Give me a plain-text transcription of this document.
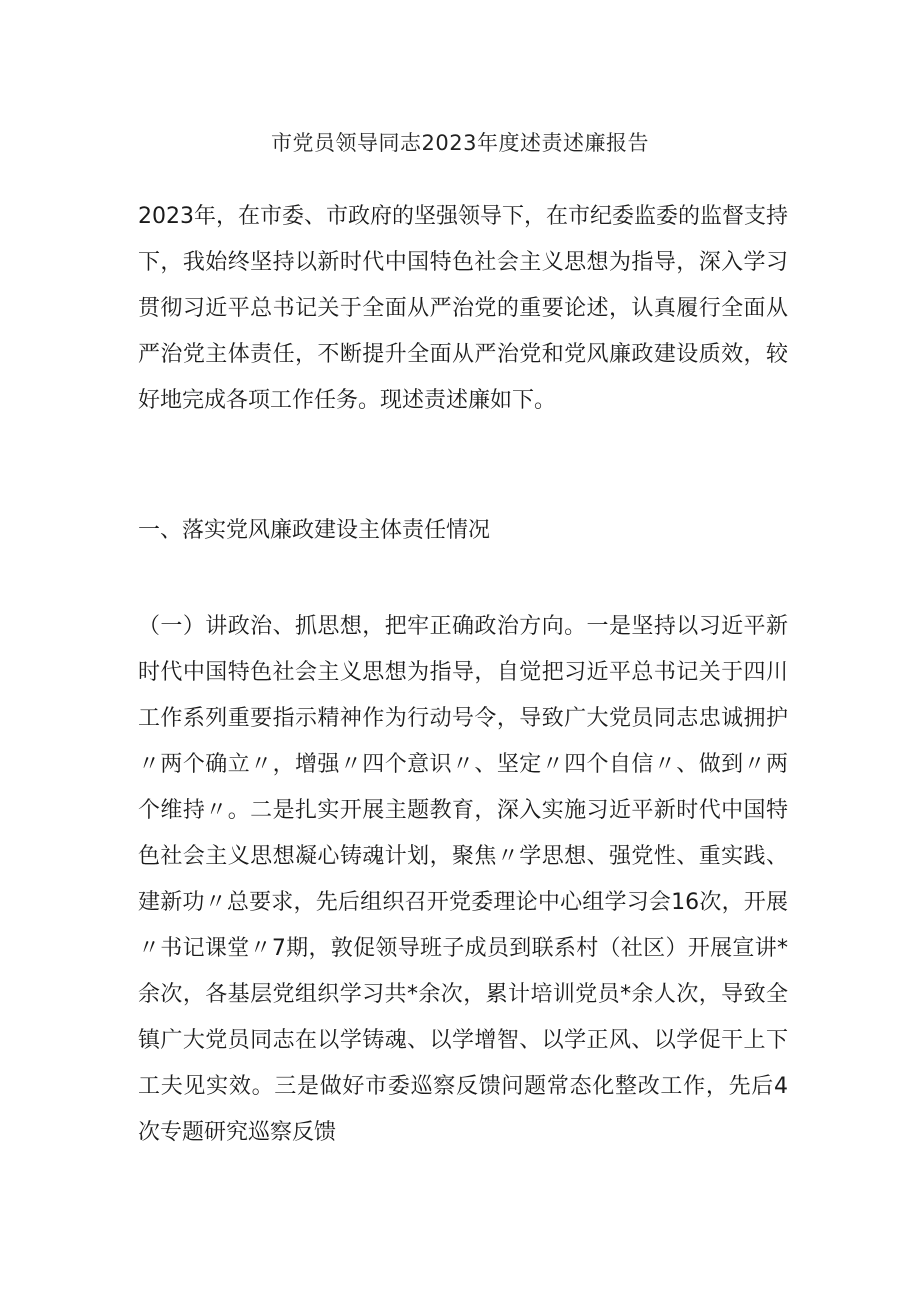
市党员领导同志2023年度述责述廉报告

2023年，在市委、市政府的坚强领导下，在市纪委监委的监督支持下，我始终坚持以新时代中国特色社会主义思想为指导，深入学习贯彻习近平总书记关于全面从严治党的重要论述，认真履行全面从严治党主体责任，不断提升全面从严治党和党风廉政建设质效，较好地完成各项工作任务。现述责述廉如下。

一、落实党风廉政建设主体责任情况

（一）讲政治、抓思想，把牢正确政治方向。一是坚持以习近平新时代中国特色社会主义思想为指导，自觉把习近平总书记关于四川工作系列重要指示精神作为行动号令，导致广大党员同志忠诚拥护〃两个确立〃，增强〃四个意识〃、坚定〃四个自信〃、做到〃两个维持〃。二是扎实开展主题教育，深入实施习近平新时代中国特色社会主义思想凝心铸魂计划，聚焦〃学思想、强党性、重实践、建新功〃总要求，先后组织召开党委理论中心组学习会16次，开展〃书记课堂〃7期，敦促领导班子成员到联系村（社区）开展宣讲*余次，各基层党组织学习共*余次，累计培训党员*余人次，导致全镇广大党员同志在以学铸魂、以学增智、以学正风、以学促干上下工夫见实效。三是做好市委巡察反馈问题常态化整改工作，先后4次专题研究巡察反馈
